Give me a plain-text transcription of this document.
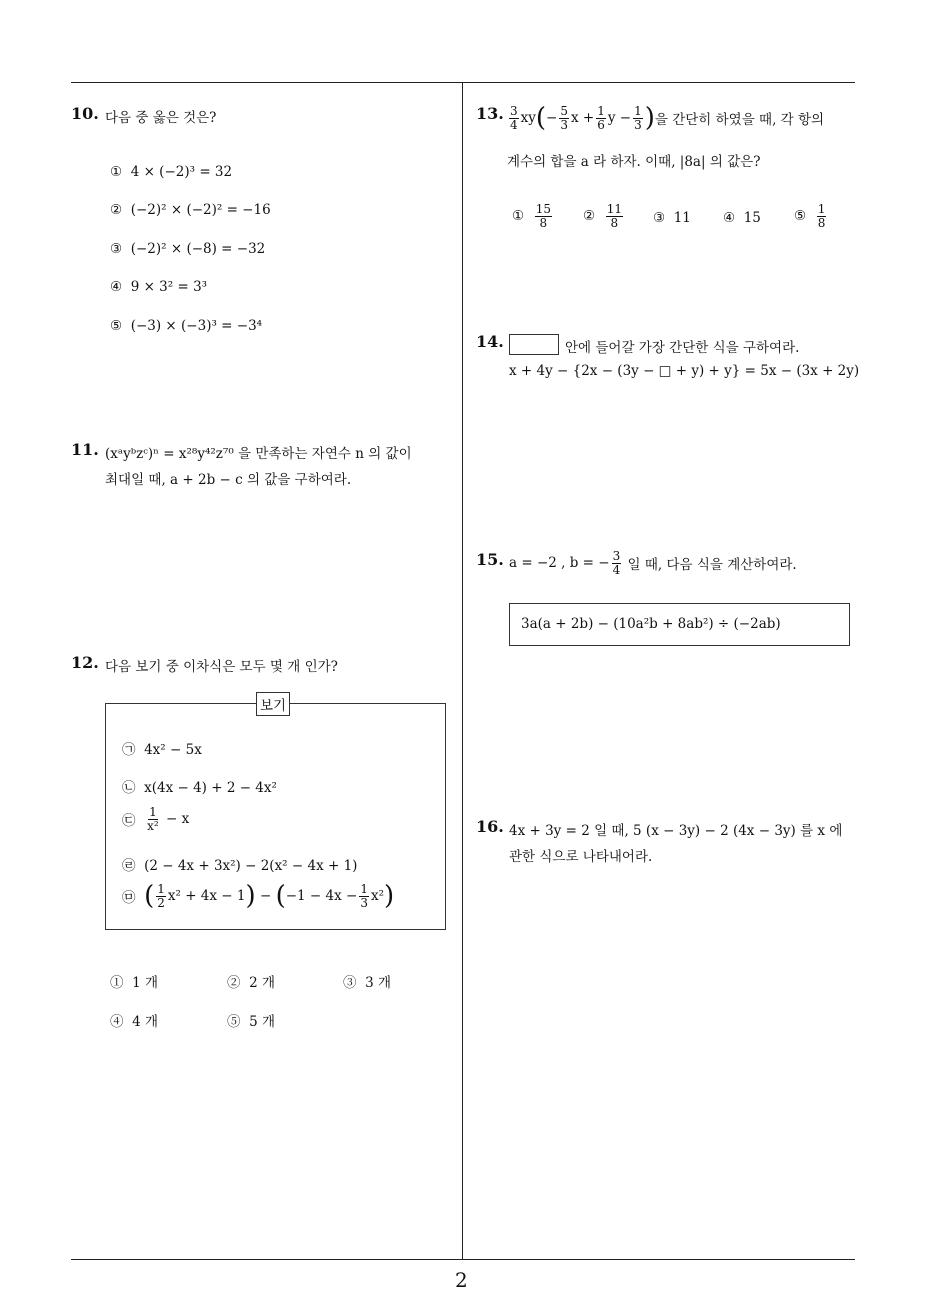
2
10. 다음 중 옳은 것은?
① 4 × (−2)³ = 32
② (−2)² × (−2)² = −16
③ (−2)² × (−8) = −32
④ 9 × 3² = 3³
⑤ (−3) × (−3)³ = −3⁴
11. (xᵃyᵇzᶜ)ⁿ = x²⁸y⁴²z⁷⁰ 을 만족하는 자연수 n 의 값이
최대일 때, a + 2b − c 의 값을 구하여라.
12. 다음 보기 중 이차식은 모두 몇 개 인가?
보기
㉠ 4x² − 5x
㉡ x(4x − 4) + 2 − 4x²
㉢
$\frac{1}{\text{x²}}$
− x
㉣ (2 − 4x + 3x²) − 2(x² − 4x + 1)
㉤
( $\frac{1}{2} x^2 + 4x - 1$ )
−
( $-1 - 4x - \frac{1}{3} x^2$ )
① 1 개	② 2 개	③ 3 개
④ 4 개	⑤ 5 개
13. $\frac{3}{4}$ xy ( − $\frac{5}{3}$ $x + \frac{1}{6}$ $y - \frac{1}{3}$ ) 을 간단히 하였을 때, 각 항의
계수의 합을 a 라 하자. 이때, |8a| 의 값은?
①
$\frac{15}{8}$ ②
$\frac{11}{8}$ ③ 11 ④ 15 ⑤
$\frac{1}{8}$
14.	안에 들어갈 가장 간단한 식을 구하여라.
x + 4y − {2x − (3y − □ + y) + y} = 5x − (3x + 2y)
15. a = −2 , b = − $\frac{3}{4}$
일 때, 다음 식을 계산하여라.
3a(a + 2b) − (10a²b + 8ab²) ÷ (−2ab)
16. 4x + 3y = 2 일 때, 5 (x − 3y) − 2 (4x − 3y) 를 x 에
관한 식으로 나타내어라.
